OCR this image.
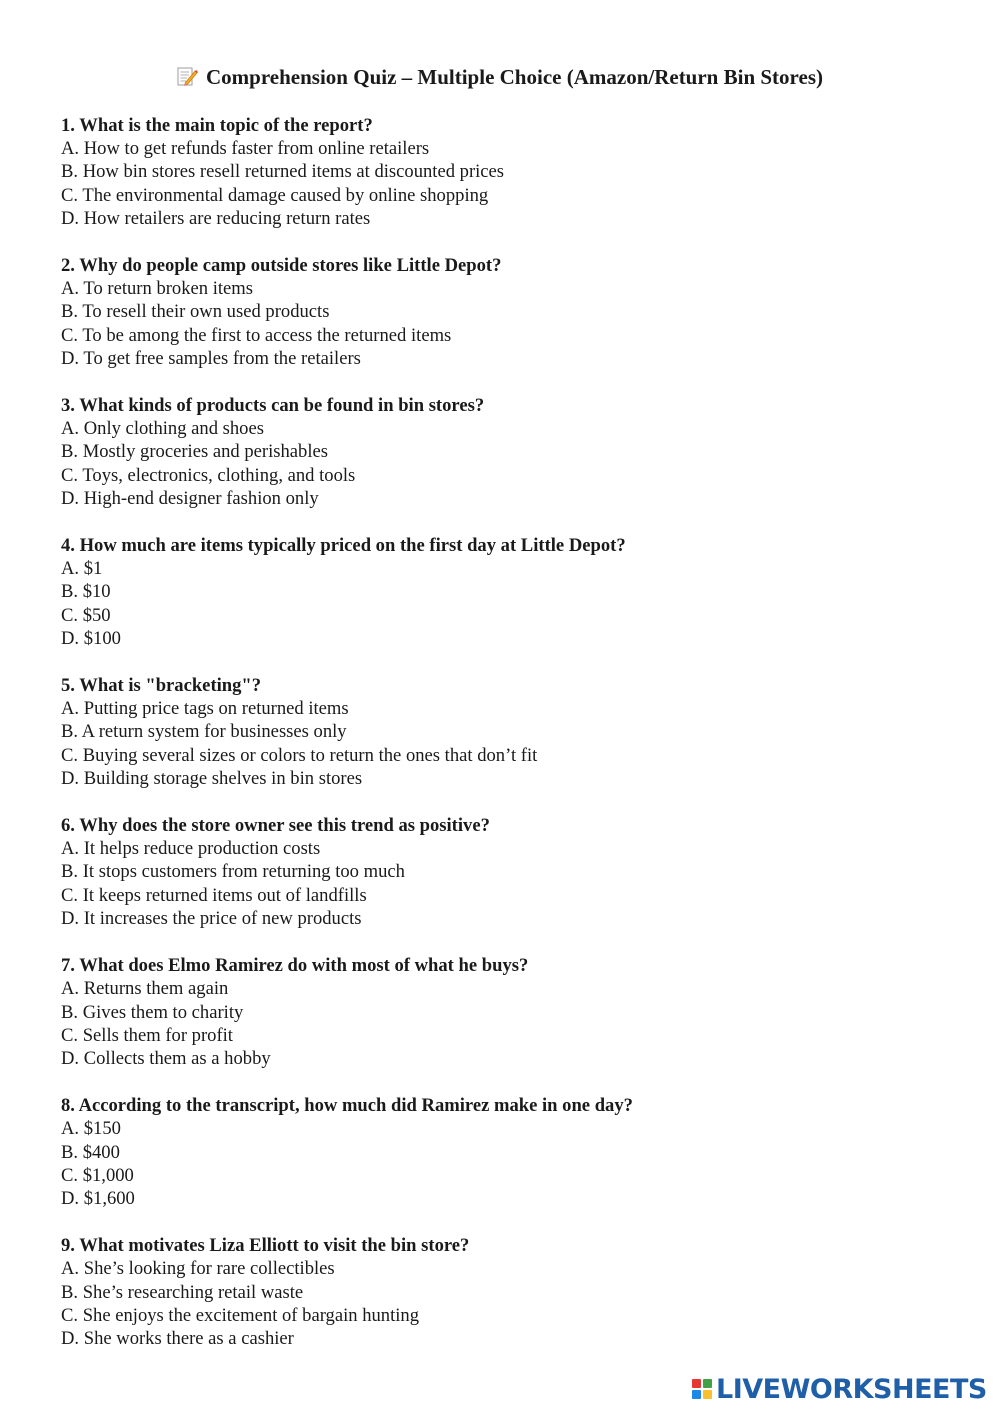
Comprehension Quiz – Multiple Choice (Amazon/Return Bin Stores)
1. What is the main topic of the report?
A. How to get refunds faster from online retailers
B. How bin stores resell returned items at discounted prices
C. The environmental damage caused by online shopping
D. How retailers are reducing return rates
2. Why do people camp outside stores like Little Depot?
A. To return broken items
B. To resell their own used products
C. To be among the first to access the returned items
D. To get free samples from the retailers
3. What kinds of products can be found in bin stores?
A. Only clothing and shoes
B. Mostly groceries and perishables
C. Toys, electronics, clothing, and tools
D. High-end designer fashion only
4. How much are items typically priced on the first day at Little Depot?
A. $1
B. $10
C. $50
D. $100
5. What is "bracketing"?
A. Putting price tags on returned items
B. A return system for businesses only
C. Buying several sizes or colors to return the ones that don’t fit
D. Building storage shelves in bin stores
6. Why does the store owner see this trend as positive?
A. It helps reduce production costs
B. It stops customers from returning too much
C. It keeps returned items out of landfills
D. It increases the price of new products
7. What does Elmo Ramirez do with most of what he buys?
A. Returns them again
B. Gives them to charity
C. Sells them for profit
D. Collects them as a hobby
8. According to the transcript, how much did Ramirez make in one day?
A. $150
B. $400
C. $1,000
D. $1,600
9. What motivates Liza Elliott to visit the bin store?
A. She’s looking for rare collectibles
B. She’s researching retail waste
C. She enjoys the excitement of bargain hunting
D. She works there as a cashier
LIVEWORKSHEETS
